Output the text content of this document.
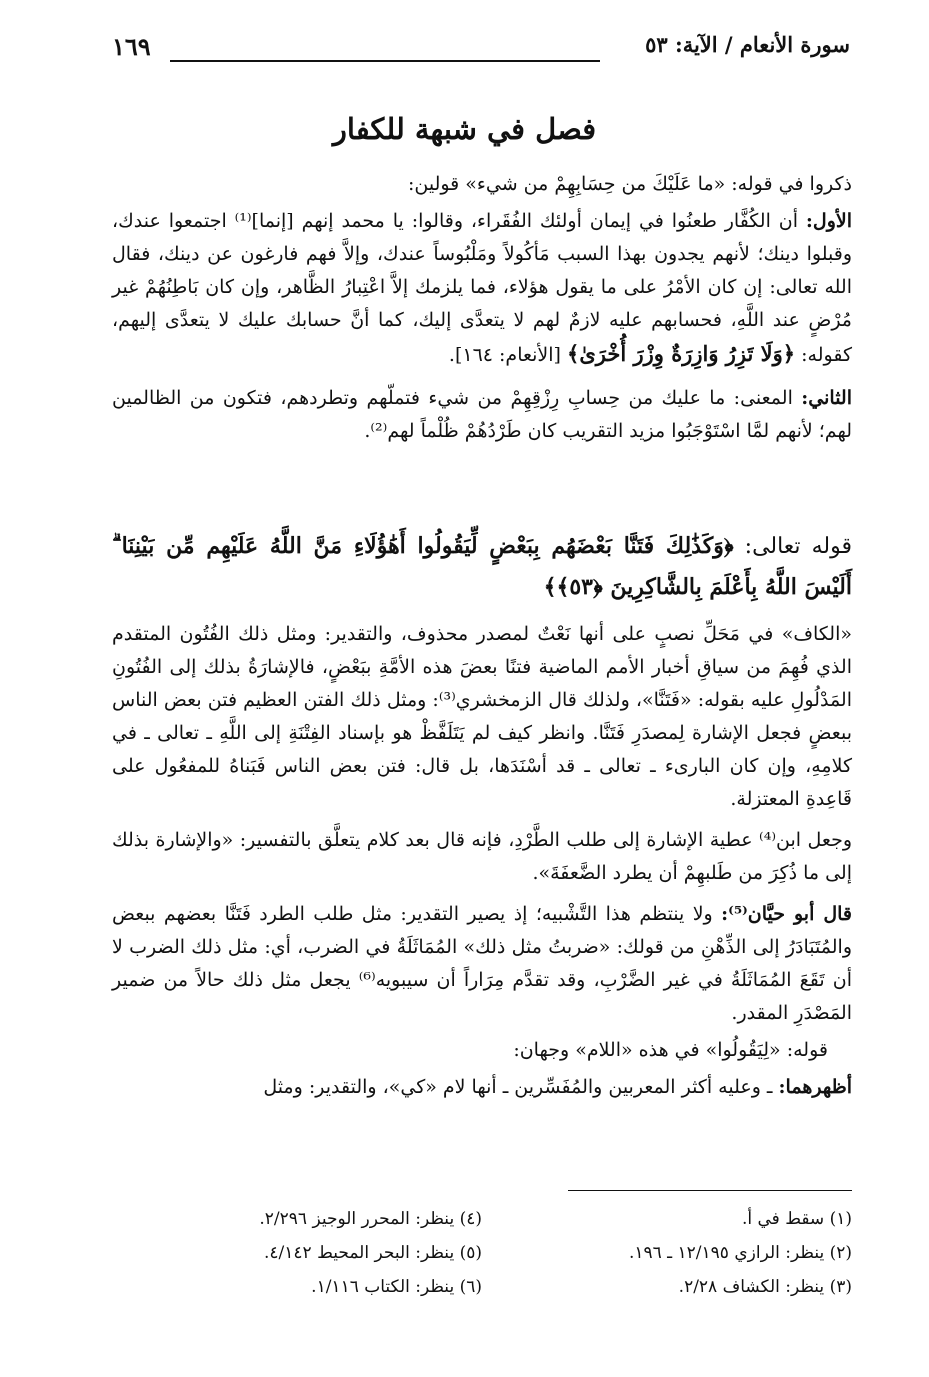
سورة الأنعام / الآية: ٥٣
١٦٩
فصل في شبهة للكفار

ذكروا في قوله: «ما عَلَيْكَ من حِسَابِهِمْ من شيء» قولين:

الأول: أن الكُفَّار طعنُوا في إيمان أولئك الفُقَراء، وقالوا: يا محمد إنهم [إنما]⁽¹⁾ اجتمعوا عندك، وقبلوا دينك؛ لأنهم يجدون بهذا السبب مَأكُولاً ومَلْبُوساً عندك، وإلاَّ فهم فارغون عن دينك، فقال الله تعالى: إن كان الأمْرُ على ما يقول هؤلاء، فما يلزمك إلاَّ اعْتِبارُ الظَّاهر، وإن كان بَاطِنُهُمْ غير مُرْضٍ عند اللَّهِ، فحسابهم عليه لازمٌ لهم لا يتعدَّى إليك، كما أنَّ حسابك عليك لا يتعدَّى إليهم، كقوله: ﴿وَلَا تَزِرُ وَازِرَةٌ وِزْرَ أُخْرَىٰ﴾ [الأنعام: ١٦٤].

الثاني: المعنى: ما عليك من حِسابِ رِزْقِهِمْ من شيء فتملّهم وتطردهم، فتكون من الظالمين لهم؛ لأنهم لمَّا اسْتَوْجَبُوا مزيد التقريب كان طَرْدُهُمْ ظُلْماً لهم⁽²⁾.

قوله تعالى: ﴿وَكَذَٰلِكَ فَتَنَّا بَعْضَهُم بِبَعْضٍ لِّيَقُولُوا أَهَٰؤُلَاءِ مَنَّ اللَّهُ عَلَيْهِم مِّن بَيْنِنَا ۗ أَلَيْسَ اللَّهُ بِأَعْلَمَ بِالشَّاكِرِينَ ﴿٥٣﴾﴾

«الكاف» في مَحَلِّ نصبٍ على أنها نَعْتٌ لمصدر محذوف، والتقدير: ومثل ذلك الفُتُون المتقدم الذي فُهِمَ من سياقِ أخبار الأمم الماضية فتنًا بعضَ هذه الأمَّةِ ببَعْضٍ، فالإشارَةُ بذلك إلى الفُتُونِ المَدْلُولِ عليه بقوله: «فَتَنَّا»، ولذلك قال الزمخشري⁽³⁾: ومثل ذلك الفتن العظيم فتن بعض الناس ببعضٍ فجعل الإشارة لِمصدَرِ فَتَنَّا. وانظر كيف لم يَتَلَفَّظْ هو بإسناد الفِتْنَةِ إلى اللَّهِ ـ تعالى ـ في كلامِهِ، وإن كان البارىء ـ تعالى ـ قد أسْنَدَها، بل قال: فتن بعض الناس فَبَناهُ للمفعُول على قَاعِدةِ المعتزلة.

وجعل ابن⁽⁴⁾ عطية الإشارة إلى طلب الطَّرْدِ، فإنه قال بعد كلام يتعلَّق بالتفسير: «والإشارة بذلك إلى ما ذُكِرَ من طَلبهِمْ أن يطرد الضَّعفَةَ».

قال أبو حيَّان⁽⁵⁾: ولا ينتظم هذا التَّشْبيه؛ إذ يصير التقدير: مثل طلب الطرد فَتَنَّا بعضهم ببعض والمُتَبَادَرُ إلى الذِّهْنِ من قولك: «ضربتُ مثل ذلك» المُمَاثَلَةُ في الضرب، أي: مثل ذلك الضرب لا أن تَقَعَ المُمَاثَلَةُ في غير الضَّرْبِ، وقد تقدَّم مِرَاراً أن سيبويه⁽⁶⁾ يجعل مثل ذلك حالاً من ضمير المَصْدَرِ المقدر.

قوله: «لِيَقُولُوا» في هذه «اللام» وجهان:

أظهرهما: ـ وعليه أكثر المعربين والمُفَسِّرين ـ أنها لام «كي»، والتقدير: ومثل

(١) سقط في أ.
(٤) ينظر: المحرر الوجيز ٢/٢٩٦.
(٢) ينظر: الرازي ١٢/١٩٥ ـ ١٩٦.
(٥) ينظر: البحر المحيط ٤/١٤٢.
(٣) ينظر: الكشاف ٢/٢٨.
(٦) ينظر: الكتاب ١/١١٦.
